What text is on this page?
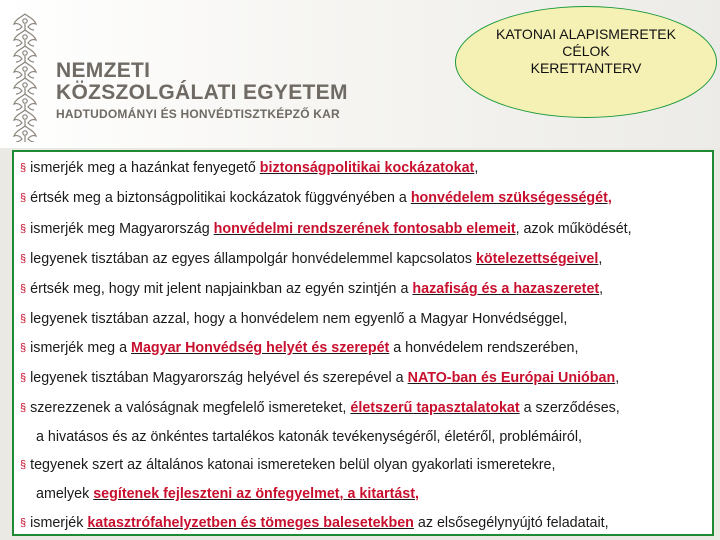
NEMZETI
KÖZSZOLGÁLATI EGYETEM
HADTUDOMÁNYI ÉS HONVÉDTISZTKÉPZŐ KAR
KATONAI ALAPISMERETEK
CÉLOK
KERETTANTERV
§ ismerjék meg a hazánkat fenyegető biztonságpolitikai kockázatokat,
§ értsék meg a biztonságpolitikai kockázatok függvényében a honvédelem szükségességét,
§ ismerjék meg Magyarország honvédelmi rendszerének fontosabb elemeit, azok működését,
§ legyenek tisztában az egyes állampolgár honvédelemmel kapcsolatos kötelezettségeivel,
§ értsék meg, hogy mit jelent napjainkban az egyén szintjén a hazafiság és a hazaszeretet,
§ legyenek tisztában azzal, hogy a honvédelem nem egyenlő a Magyar Honvédséggel,
§ ismerjék meg a Magyar Honvédség helyét és szerepét a honvédelem rendszerében,
§ legyenek tisztában Magyarország helyével és szerepével a NATO-ban és Európai Unióban,
§ szerezzenek a valóságnak megfelelő ismereteket, életszerű tapasztalatokat a szerződéses,
a hivatásos és az önkéntes tartalékos katonák tevékenységéről, életéről, problémáiról,
§ tegyenek szert az általános katonai ismereteken belül olyan gyakorlati ismeretekre,
amelyek segítenek fejleszteni az önfegyelmet, a kitartást,
§ ismerjék katasztrófahelyzetben és tömeges balesetekben az elsősegélynyújtó feladatait,
